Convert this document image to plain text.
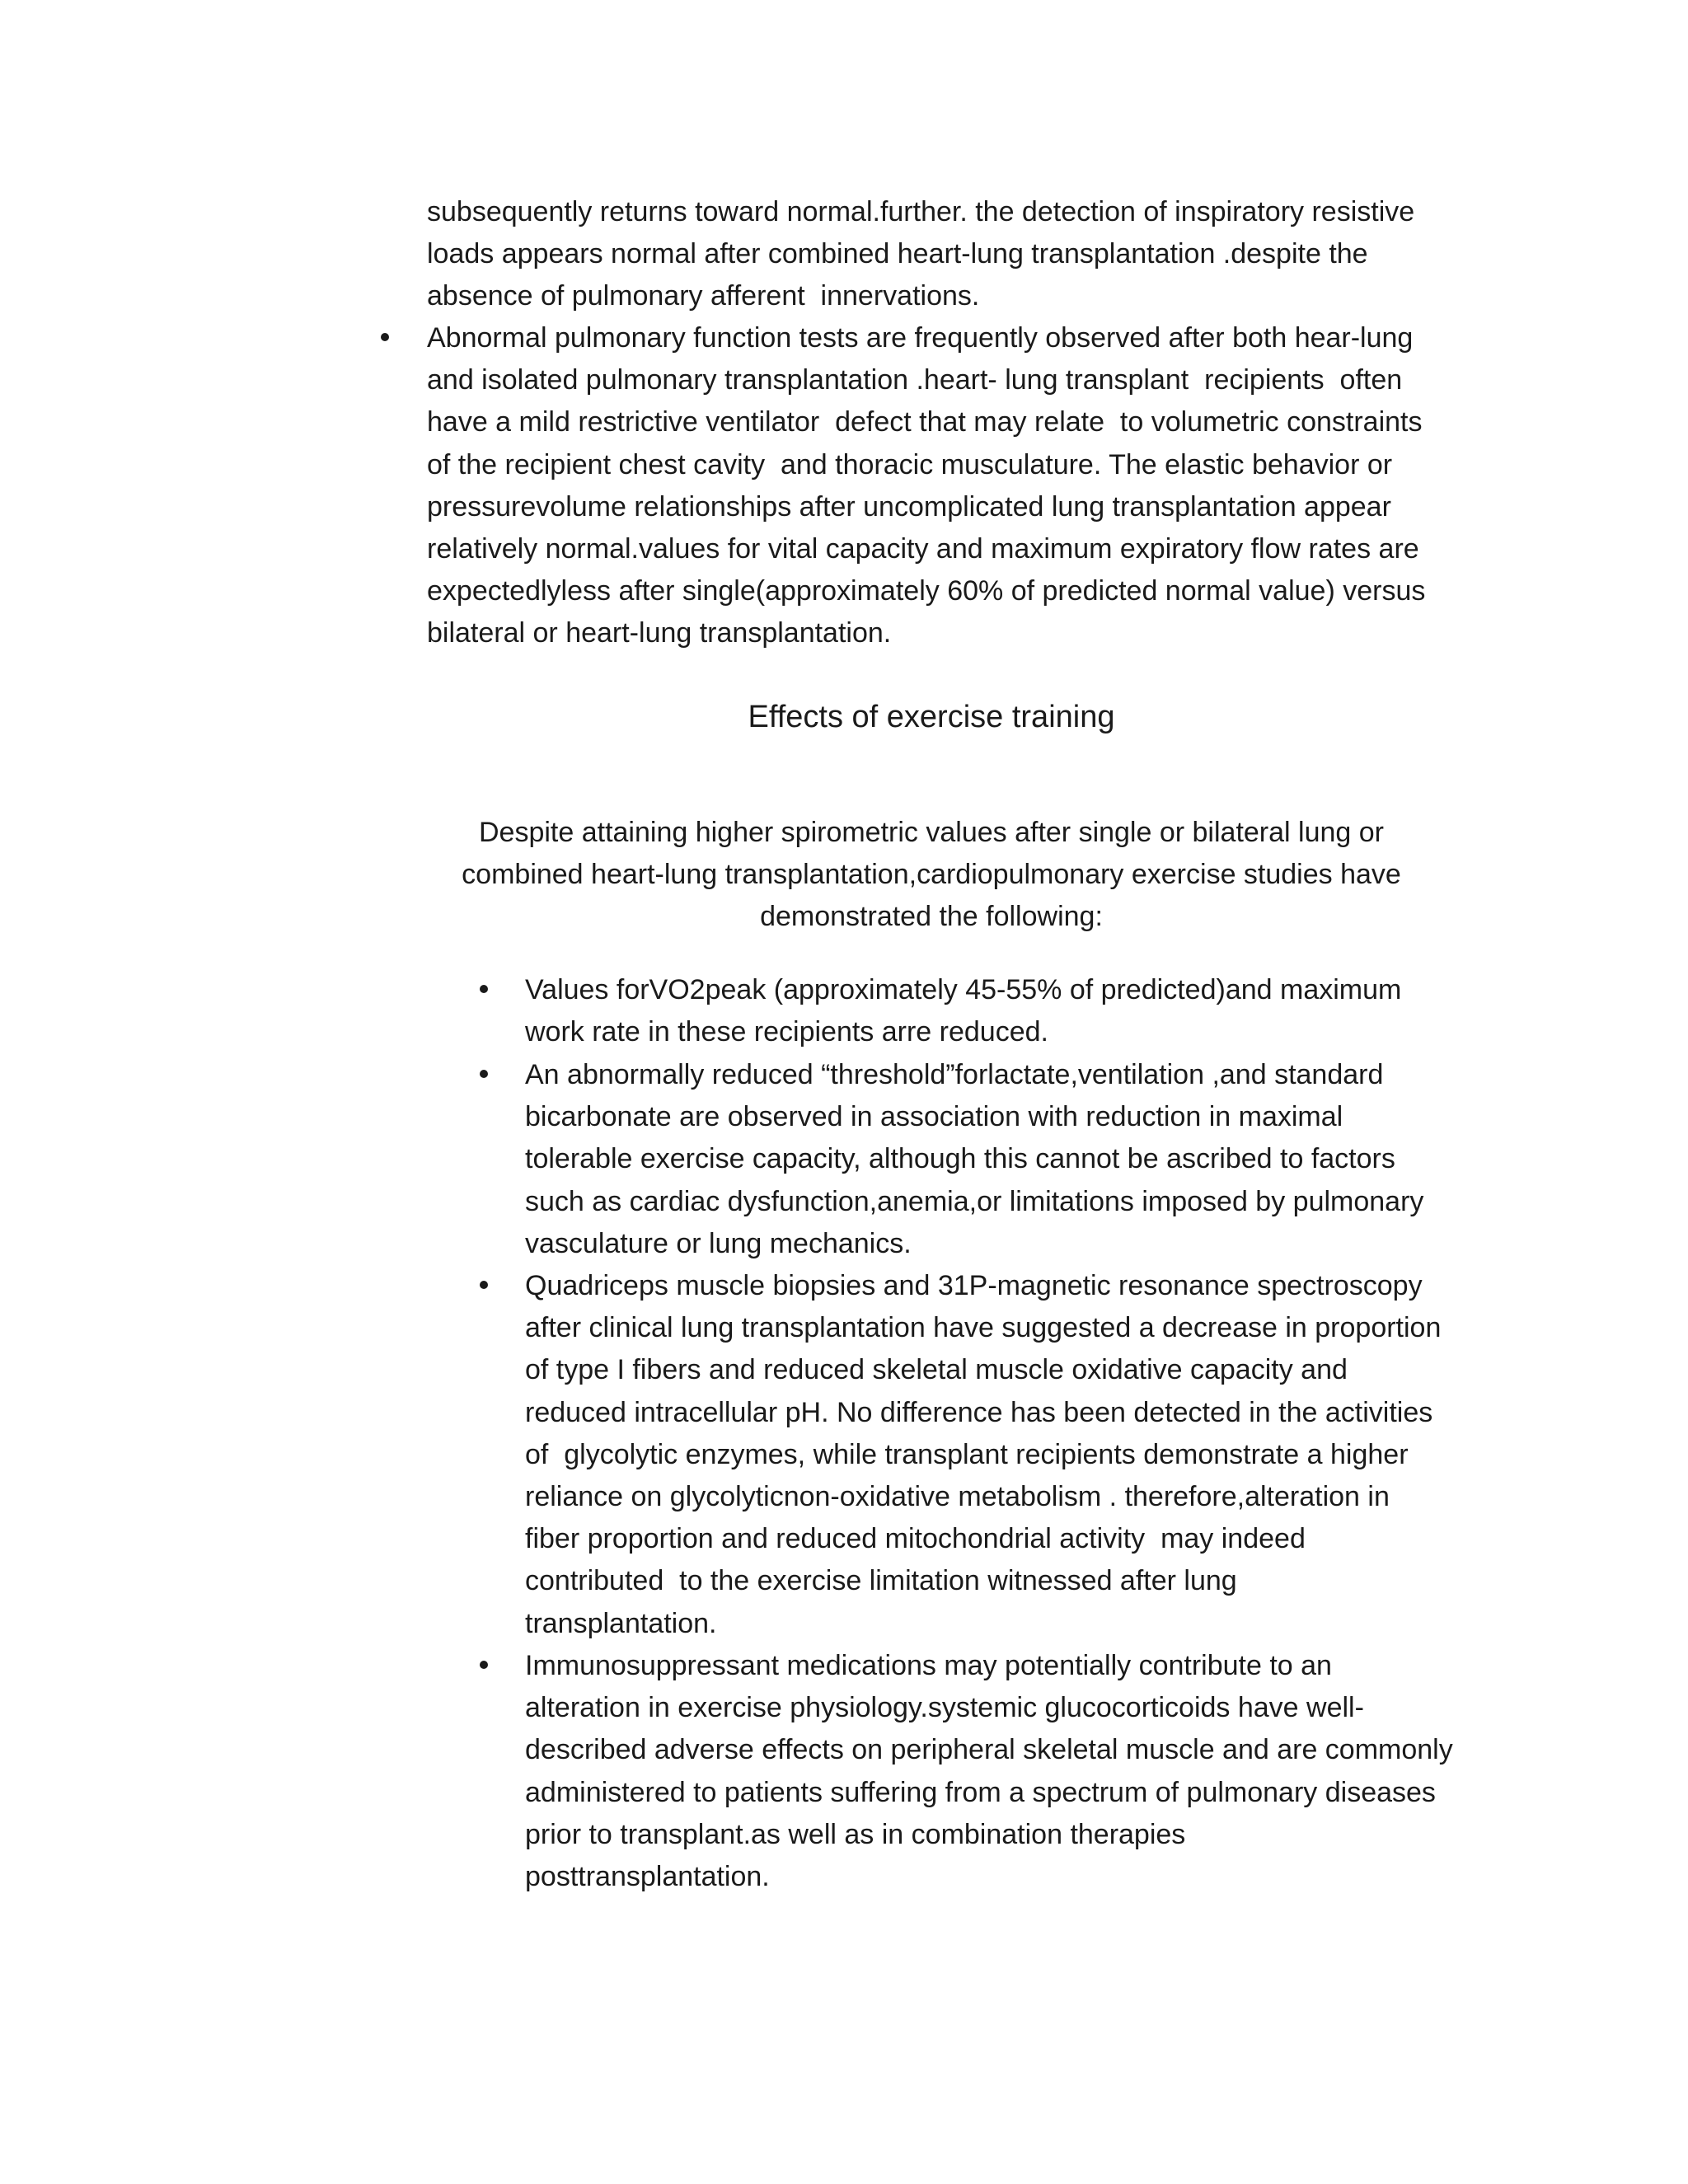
subsequently returns toward normal.further. the detection of inspiratory resistive
loads appears normal after combined heart-lung transplantation .despite the
absence of pulmonary afferent  innervations.

Abnormal pulmonary function tests are frequently observed after both hear-lung
and isolated pulmonary transplantation .heart- lung transplant  recipients  often
have a mild restrictive ventilator  defect that may relate  to volumetric constraints
of the recipient chest cavity  and thoracic musculature. The elastic behavior or
pressurevolume relationships after uncomplicated lung transplantation appear
relatively normal.values for vital capacity and maximum expiratory flow rates are
expectedlyless after single(approximately 60% of predicted normal value) versus
bilateral or heart-lung transplantation.

Effects of exercise training

Despite attaining higher spirometric values after single or bilateral lung or
combined heart-lung transplantation,cardiopulmonary exercise studies have
demonstrated the following:

Values forVO2peak (approximately 45-55% of predicted)and maximum
work rate in these recipients arre reduced.

An abnormally reduced “threshold”forlactate,ventilation ,and standard
bicarbonate are observed in association with reduction in maximal
tolerable exercise capacity, although this cannot be ascribed to factors
such as cardiac dysfunction,anemia,or limitations imposed by pulmonary
vasculature or lung mechanics.

Quadriceps muscle biopsies and 31P-magnetic resonance spectroscopy
after clinical lung transplantation have suggested a decrease in proportion
of type I fibers and reduced skeletal muscle oxidative capacity and
reduced intracellular pH. No difference has been detected in the activities
of  glycolytic enzymes, while transplant recipients demonstrate a higher
reliance on glycolyticnon-oxidative metabolism . therefore,alteration in
fiber proportion and reduced mitochondrial activity  may indeed
contributed  to the exercise limitation witnessed after lung
transplantation.

Immunosuppressant medications may potentially contribute to an
alteration in exercise physiology.systemic glucocorticoids have well-
described adverse effects on peripheral skeletal muscle and are commonly
administered to patients suffering from a spectrum of pulmonary diseases
prior to transplant.as well as in combination therapies
posttransplantation.
